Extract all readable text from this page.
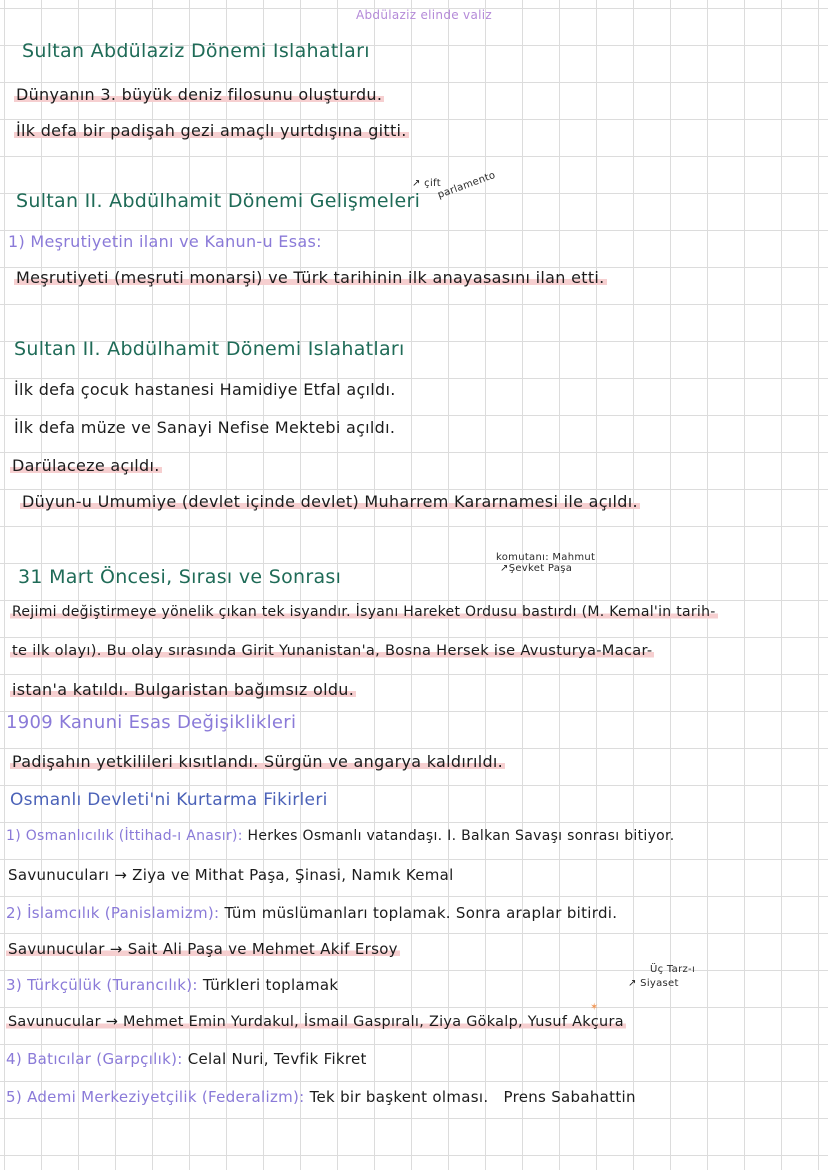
Abdülaziz elinde valiz
Sultan Abdülaziz Dönemi Islahatları
Dünyanın 3. büyük deniz filosunu oluşturdu.
İlk defa bir padişah gezi amaçlı yurtdışına gitti.
Sultan II. Abdülhamit Dönemi Gelişmeleri
↗ çift
parlamento
1) Meşrutiyetin ilanı ve Kanun-u Esas:
Meşrutiyeti (meşruti monarşi) ve Türk tarihinin ilk anayasasını ilan etti.
Sultan II. Abdülhamit Dönemi Islahatları
İlk defa çocuk hastanesi Hamidiye Etfal açıldı.
İlk defa müze ve Sanayi Nefise Mektebi açıldı.
Darülaceze açıldı.
Düyun-u Umumiye (devlet içinde devlet) Muharrem Kararnamesi ile açıldı.
komutanı: Mahmut
↗Şevket Paşa
31 Mart Öncesi, Sırası ve Sonrası
Rejimi değiştirmeye yönelik çıkan tek isyandır. İsyanı Hareket Ordusu bastırdı (M. Kemal'in tarih-
te ilk olayı). Bu olay sırasında Girit Yunanistan'a, Bosna Hersek ise Avusturya-Macar-
istan'a katıldı. Bulgaristan bağımsız oldu.
1909 Kanuni Esas Değişiklikleri
Padişahın yetkilileri kısıtlandı. Sürgün ve angarya kaldırıldı.
Osmanlı Devleti'ni Kurtarma Fikirleri
1) Osmanlıcılık (İttihad-ı Anasır): Herkes Osmanlı vatandaşı. I. Balkan Savaşı sonrası bitiyor.
Savunucuları → Ziya ve Mithat Paşa, Şinasi, Namık Kemal
2) İslamcılık (Panislamizm): Tüm müslümanları toplamak. Sonra araplar bitirdi.
Savunucular → Sait Ali Paşa ve Mehmet Akif Ersoy
3) Türkçülük (Turancılık): Türkleri toplamak
Üç Tarz-ı
↗ Siyaset
Savunucular → Mehmet Emin Yurdakul, İsmail Gaspıralı, Ziya Gökalp, Yusuf Akçura
✶
4) Batıcılar (Garpçılık): Celal Nuri, Tevfik Fikret
5) Ademi Merkeziyetçilik (Federalizm): Tek bir başkent olması. Prens Sabahattin
